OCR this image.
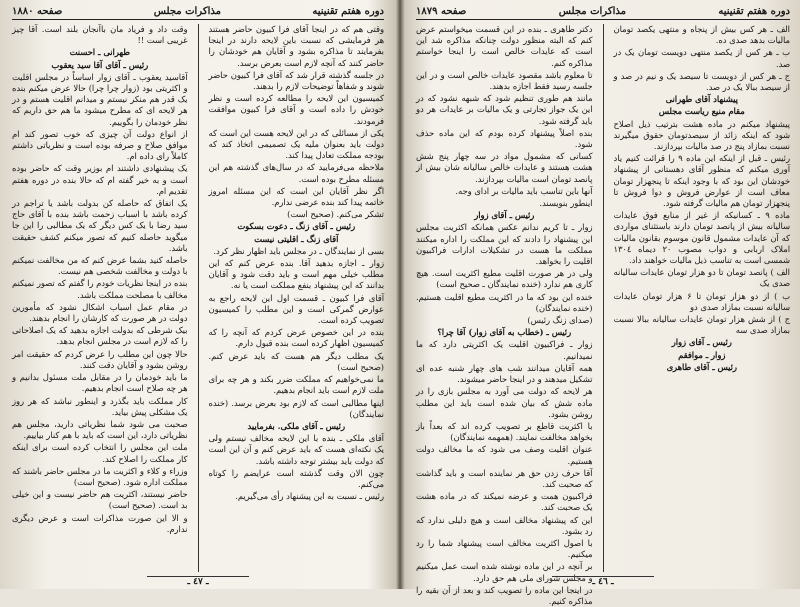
دوره هفتم تقنینیه
مذاکرات مجلس
صفحه ۱۸۸۰

وقتی هم که در اینجا آقای فرا کبیون حاضر هستند هر فرمایشی که نسبت باین لایحه دارند در اینجا بفرمایند تا مذاکره بشود و آقایان هم خودشان را حاضر کنند که آنچه لازم است بعرض برسد.

در جلسه گذشته قرار شد که آقای فرا کبیون حاضر شوند و شفاهاً توضیحات لازم را بدهند.

کمیسیون این لایحه را مطالعه کرده است و نظر خودش را داده است و آقای فرا کبیون موافقت فرمودند.

یکی از مسائلی که در این لایحه هست این است که دولت باید بعنوان ملیه یک تصمیمی اتخاذ کند که بودجه مملکت تعادل پیدا کند.

ملاحظه می‌فرمایید که در سال‌های گذشته هم این مسئله مطرح بوده است.

اگر نظر آقایان این است که این مسئله امروز خاتمه پیدا کند بنده عرضی ندارم.

تشکر می‌کنم. (صحیح است)

رئیس ـ آقای زنگ ـ دعوت بسکوت

آقای زنگ ـ اقلیتی نیست

بسی از نمایندگان ـ در مجلس باید اظهار نظر کرد.

زوار ـ اجازه بدهید آقا. بنده عرض کنم که این مطلب خیلی مهم است و باید دقت شود و آقایان بدانند که این پیشنهاد بنفع مملکت است یا نه.

آقای فرا کبیون ـ قسمت اول این لایحه راجع به عوارض گمرکی است و این مطلب را کمیسیون تصویب کرده است.

بنده در این خصوص عرض کردم که آنچه را که کمیسیون اظهار کرده است بنده قبول دارم.

یک مطلب دیگر هم هست که باید عرض کنم. (صحیح است)

ما نمی‌خواهیم که مملکت ضرر بکند و هر چه برای ملت لازم است باید انجام بدهیم.

اینها مطالبی است که لازم بود بعرض برسد. (خنده نمایندگان)

رئیس ـ آقای ملکی. بفرمایید

آقای ملکی ـ بنده با این لایحه مخالف نیستم ولی یک نکته‌ای هست که باید عرض کنم و آن این است که دولت باید بیشتر توجه داشته باشد.

چون الان وقت گذشته است عرایضم را کوتاه می‌کنم.

رئیس ـ نسبت به این پیشنهاد رأی می‌گیریم.

وقت داد و فریاد مان باآنجان بلند است. آقا چیز غریبی است !!

طهرانی ـ احسنت

رئیس ـ آقای آقا سید یعقوب

آقاسید یعقوب ـ آقای زوار اساساً در مجلس اقلیت و اکثریتی بود (زوار چرا چرا) حالا عرض میکنم بنده یک قدر هم منکر نیستم و میدانم اقلیت هستم و در هر لایحه ای که مطرح میشود ما هم حق داریم که نظر خودمان را بگوییم.

از انواع دولت آن چیزی که خوب تصور کند ام موافق صلاح و صرفه بوده است و نظریاتی داشتم کاملاً رای داده ام.

یک پیشنهادی داشتند ام بوزیر وقت که حاضر بوده است و به خیر گفته ام که حالا بنده در دوره هفتم تقدیم ام.

یک اتفاق که حاصله کن بدولت باشد یا تراجم در کرده باشد با اسباب زحمت باشد بنده با آقای حاج سید رضا با یک کس دیگر که یک مطالبی را این جا میگوید حاصله کنیم که تصور میکنم کشف حقیقت باشد.

حاصله کنید بشما عرض کنم که من مخالفت نمیکنم با دولت و مخالفت شخصی هم نیست.

بنده در اینجا نظریات خودم را گفتم که تصور نمیکنم مخالف با مصلحت مملکت باشد.

در مقام عمل اسباب اشکال نشود که مأمورین دولت در هر صورت که کارشان را انجام بدهند.

بیک شرطی که بدولت اجازه بدهید که یک اصلاحاتی را که لازم است در مجلس انجام بدهد.

حالا چون این مطلب را عرض کردم که حقیقت امر روشن بشود و آقایان دقت کنند.

ما باید خودمان را در مقابل ملت مسئول بدانیم و هر چه صلاح است انجام بدهیم.

کار مملکت باید بگذرد و اینطور نباشد که هر روز یک مشکلی پیش بیاید.

صحبت می شود شما نظریاتی دارید، مجلس هم نظریاتی دارد، این است که باید با هم کنار بیاییم.

ملت این مجلس را انتخاب کرده است برای اینکه کار مملکت را اصلاح کند.

وزراء و کلاء و اکثریت ما در مجلس حاضر باشند که مملکت اداره شود. (صحیح است)

حاضر نیستند، اکثریت هم حاضر نیست و این خیلی بد است. (صحیح است)

و الا این صورت مذاکرات است و عرض دیگری ندارم.

ـ ٤٧ ـ
دوره هفتم تقنینیه
مذاکرات مجلس
صفحه ۱۸۷۹

الف ـ هر کس بیش از پنجاه و منتهی یکصد تومان مالیات بدهد صدی ده.

ب ـ هر کس از یکصد منتهی دویست تومان یک در صد.

ج ـ هر کس از دویست تا سیصد یک و نیم در صد و از سیصد ببالا یک در صد.

پیشنهاد آقای طهرانی

مقام منیع ریاست مجلس

پیشنهاد میکنم در ماده هشت بترتیب ذیل اصلاح شود که اینکه زائد از سیصدتومان حقوق میگیرند نسبت بمازاد پنج در صد مالیات بپردازند.

رئیس ـ قبل از اینکه این ماده ۹ را قرائت کنیم یاد آوری میکنم که منظور آقای دهستانی از پیشنهاد خودشان این بود که با وجود اینکه تا پنجهزار تومان معاف است از عوارض فروش و دوا فروش تا پنجهزار تومان هم مالیات گرفته شود.

ماده ۹ ـ کسانیکه از غیر از منابع فوق عایدات سالیانه بیش از پانصد تومان دارند باستثنای مواردی که آن عایدات مشمول قانون موسوم بقانون مالیات املاک اربابی و دواب مصوب ۲۰ دیماه ۱۳۰٤ شمسی است به تناسب ذیل مالیات خواهند داد.

الف ) پانصد تومان تا دو هزار تومان عایدات سالیانه صدی یک

ب ) از دو هزار تومان تا ۶ هزار تومان عایدات سالیانه نسبت بمازاد صدی دو

ج ) از شش هزار تومان عایدات سالیانه ببالا نسبت بمازاد صدی سه

رئیس ـ آقای زوار

زوار ـ موافقم

رئیس ـ آقای طاهری

دکتر طاهری ـ بنده در این قسمت میخواستم عرض کنم که البته منظور دولت چنانکه مذاکره شد این است که عایدات خالص است را اینجا خواستم مذاکره کنم.

تا معلوم باشد مقصود عایدات خالص است و در این جلسه رسید فقط اجازه بدهند.

مانند هم طوری تنظیم شود که شبهه نشود که در این یک جواز تجارتی و یک مالیات بر عایدات هر دو باید گرفته شود.

بنده اصلاً پیشنهاد کرده بودم که این ماده حذف شود.

کسانی که مشمول مواد در سه چهار پنج شش هشت هستند و عایدات خالص سالیانه شان بیش از پانصد تومان است مالیات بپردازند.

آنها باین تناسب باید مالیات بر ادای وجه.

اینطور بنویسند.

رئیس ـ آقای زوار

زوار ـ تا کریم ندانم عکس همانکه اکثریت مجلس این پیشنهاد را دادند که این مملکت را اداره میکنند مملکت ما هست در تشکیلات ادارات فراکبیون اقلیت را بخواهد.

ولی در هر صورت اقلیت مطیع اکثریت است. هیچ کاری هم ندارد (خنده نمایندگان ـ صحیح است)

خنده این بود که ما در اکثریت مطیع اقلیت هستیم. (خنده نمایندگان)

(صدای زنگ رئیس)

رئیس ـ (خطاب به آقای زوار) آقا چرا؟

زوار ـ فراکبیون اقلیت یک اکثریتی دارد که ما نمیدانیم.

همه آقایان میدانند شب های چهار شنبه عده ای تشکیل میدهند و در اینجا حاضر میشوند.

هر لایحه که دولت می آورد به مجلس بازی را در ماده شش که بیان شده است باید این مطلب روشن بشود.

با اکثریت قاطع بر تصویب کرده اند که بعداً باز بخواهد مخالفت نمایند. (همهمه نمایندگان)

عنوان اقلیت وصف می شود که ما مخالف دولت هستیم.

آقا حرف زدن حق هر نماینده است و باید گذاشت که صحبت کند.

فراکبیون همت و عرضه نمیکند که در ماده هشت یک صحبت کند.

این که پیشنهاد مخالف است و هیچ دلیلی ندارد که رد بشود.

با اصول اکثریت مخالف است پیشنهاد شما را رد میکنیم.

بر آنچه در این ماده نوشته شده است عمل میکنیم و مجلس شورای ملی هم حق دارد.

در اینجا این ماده را تصویب کند و بعد از آن بقیه را مذاکره کنیم.

ـ ٤٦ ـ
